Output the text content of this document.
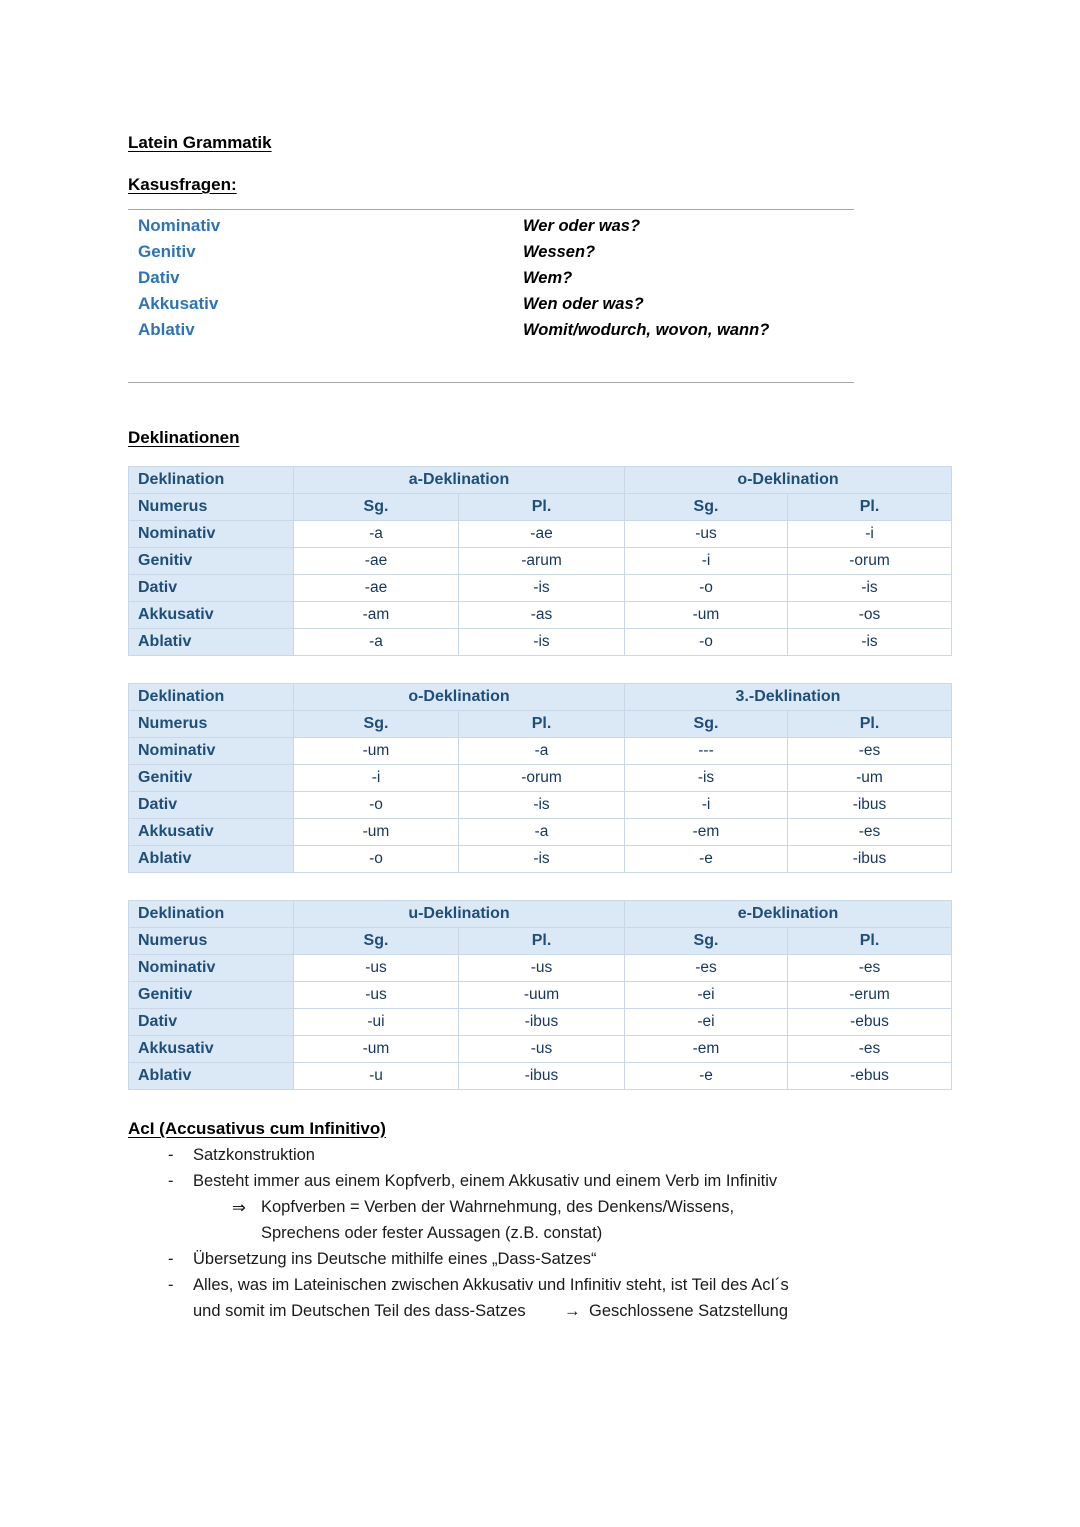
Latein Grammatik
Kasusfragen:
Nominativ	Wer oder was?
Genitiv	Wessen?
Dativ	Wem?
Akkusativ	Wen oder was?
Ablativ	Womit/wodurch, wovon, wann?
Deklinationen
Deklination	a-Deklination		o-Deklination	
Numerus	Sg.	Pl.	Sg.	Pl.
Nominativ	-a	-ae	-us	-i
Genitiv	-ae	-arum	-i	-orum
Dativ	-ae	-is	-o	-is
Akkusativ	-am	-as	-um	-os
Ablativ	-a	-is	-o	-is
Deklination	o-Deklination		3.-Deklination	
Numerus	Sg.	Pl.	Sg.	Pl.
Nominativ	-um	-a	---	-es
Genitiv	-i	-orum	-is	-um
Dativ	-o	-is	-i	-ibus
Akkusativ	-um	-a	-em	-es
Ablativ	-o	-is	-e	-ibus
Deklination	u-Deklination		e-Deklination	
Numerus	Sg.	Pl.	Sg.	Pl.
Nominativ	-us	-us	-es	-es
Genitiv	-us	-uum	-ei	-erum
Dativ	-ui	-ibus	-ei	-ebus
Akkusativ	-um	-us	-em	-es
Ablativ	-u	-ibus	-e	-ebus
AcI (Accusativus cum Infinitivo)
- Satzkonstruktion
- Besteht immer aus einem Kopfverb, einem Akkusativ und einem Verb im Infinitiv
⇒ Kopfverben = Verben der Wahrnehmung, des Denkens/Wissens,
Sprechens oder fester Aussagen (z.B. constat)
- Übersetzung ins Deutsche mithilfe eines „Dass-Satzes“
- Alles, was im Lateinischen zwischen Akkusativ und Infinitiv steht, ist Teil des AcI´s
und somit im Deutschen Teil des dass-Satzes → Geschlossene Satzstellung
